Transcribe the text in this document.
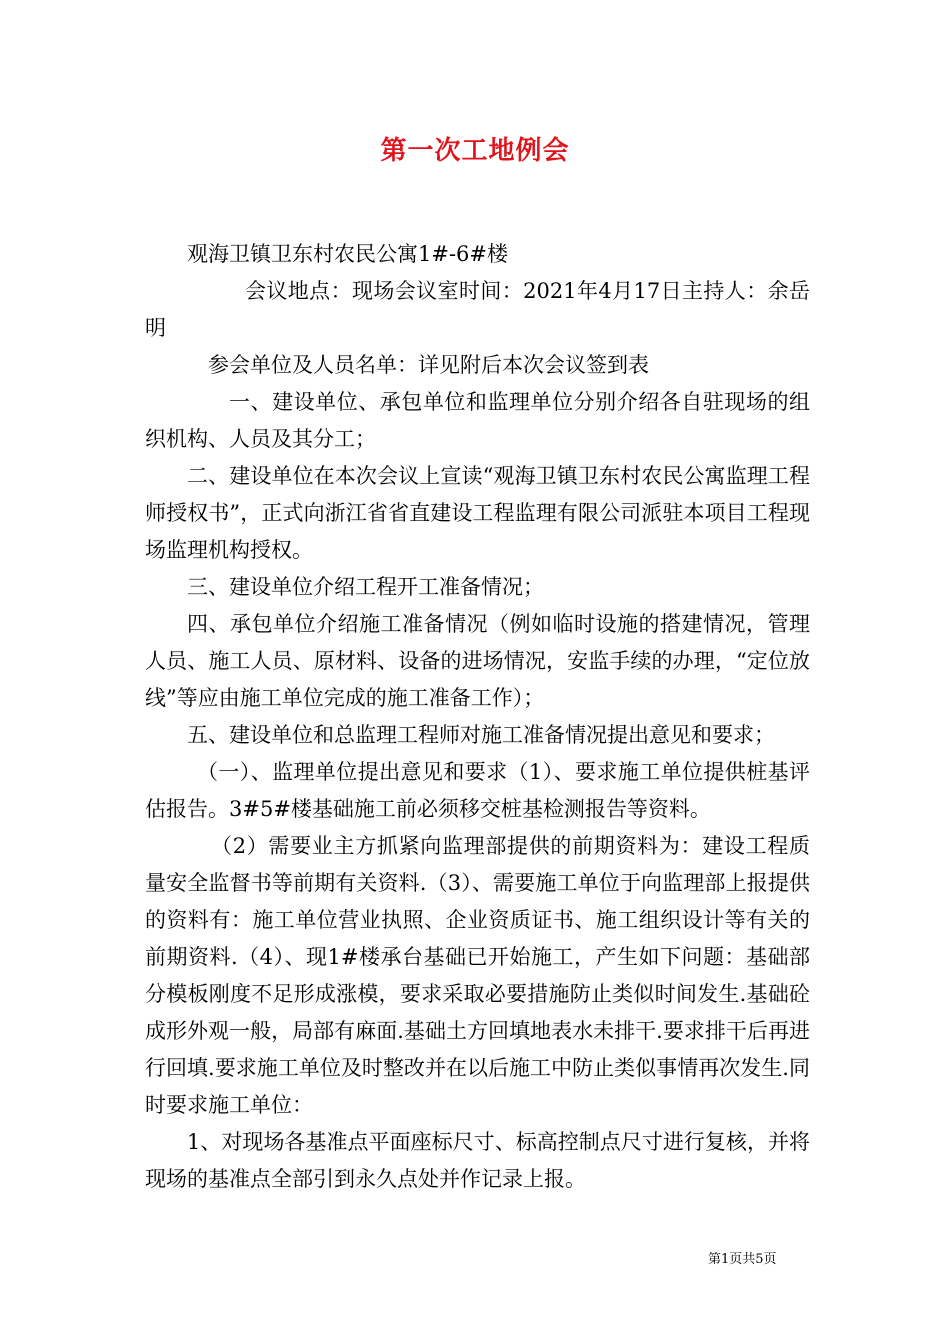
第一次工地例会

观海卫镇卫东村农民公寓1#-6#楼

会议地点：现场会议室时间：2021年4月17日主持人：余岳明

参会单位及人员名单：详见附后本次会议签到表

一、建设单位、承包单位和监理单位分别介绍各自驻现场的组织机构、人员及其分工；

二、建设单位在本次会议上宣读“观海卫镇卫东村农民公寓监理工程师授权书”，正式向浙江省省直建设工程监理有限公司派驻本项目工程现场监理机构授权。

三、建设单位介绍工程开工准备情况；

四、承包单位介绍施工准备情况（例如临时设施的搭建情况，管理人员、施工人员、原材料、设备的进场情况，安监手续的办理，“定位放线”等应由施工单位完成的施工准备工作）；

五、建设单位和总监理工程师对施工准备情况提出意见和要求；

（一）、监理单位提出意见和要求（1）、要求施工单位提供桩基评估报告。3#5#楼基础施工前必须移交桩基检测报告等资料。

（2）需要业主方抓紧向监理部提供的前期资料为：建设工程质量安全监督书等前期有关资料.（3）、需要施工单位于向监理部上报提供的资料有：施工单位营业执照、企业资质证书、施工组织设计等有关的前期资料.（4）、现1#楼承台基础已开始施工，产生如下问题：基础部分模板刚度不足形成涨模，要求采取必要措施防止类似时间发生.基础砼成形外观一般，局部有麻面.基础土方回填地表水未排干.要求排干后再进行回填.要求施工单位及时整改并在以后施工中防止类似事情再次发生.同时要求施工单位：

1、对现场各基准点平面座标尺寸、标高控制点尺寸进行复核，并将现场的基准点全部引到永久点处并作记录上报。

第1页共5页
